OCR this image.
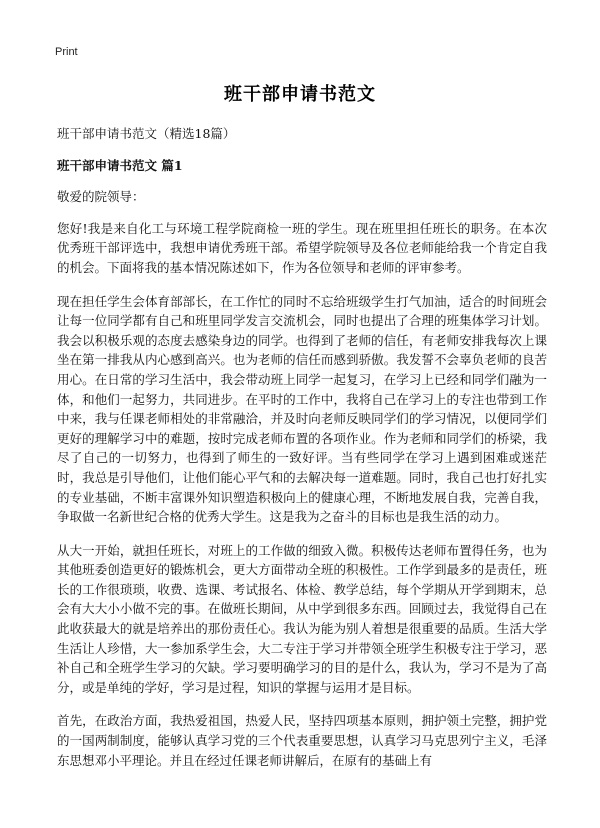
Print
班干部申请书范文

班干部申请书范文（精选18篇）

班干部申请书范文 篇1

敬爱的院领导：

您好!我是来自化工与环境工程学院商检一班的学生。现在班里担任班长的职务。在本次优秀班干部评选中，我想申请优秀班干部。希望学院领导及各位老师能给我一个肯定自我的机会。下面将我的基本情况陈述如下，作为各位领导和老师的评审参考。

现在担任学生会体育部部长，在工作忙的同时不忘给班级学生打气加油，适合的时间班会让每一位同学都有自己和班里同学发言交流机会，同时也提出了合理的班集体学习计划。我会以积极乐观的态度去感染身边的同学。也得到了老师的信任，有老师安排我每次上课坐在第一排我从内心感到高兴。也为老师的信任而感到骄傲。我发誓不会辜负老师的良苦用心。在日常的学习生活中，我会带动班上同学一起复习，在学习上已经和同学们融为一体，和他们一起努力，共同进步。在平时的工作中，我将自己在学习上的专注也带到工作中来，我与任课老师相处的非常融洽，并及时向老师反映同学们的学习情况，以便同学们更好的理解学习中的难题，按时完成老师布置的各项作业。作为老师和同学们的桥梁，我尽了自己的一切努力，也得到了师生的一致好评。当有些同学在学习上遇到困难或迷茫时，我总是引导他们，让他们能心平气和的去解决每一道难题。同时，我自己也打好扎实的专业基础，不断丰富课外知识塑造积极向上的健康心理，不断地发展自我，完善自我，争取做一名新世纪合格的优秀大学生。这是我为之奋斗的目标也是我生活的动力。

从大一开始，就担任班长，对班上的工作做的细致入微。积极传达老师布置得任务，也为其他班委创造更好的锻炼机会，更大方面带动全班的积极性。工作学到最多的是责任，班长的工作很琐琐，收费、选课、考试报名、体检、教学总结，每个学期从开学到期末，总会有大大小小做不完的事。在做班长期间，从中学到很多东西。回顾过去，我觉得自己在此收获最大的就是培养出的那份责任心。我认为能为别人着想是很重要的品质。生活大学生活让人珍惜，大一参加系学生会，大二专注于学习并带领全班学生积极专注于学习，恶补自己和全班学生学习的欠缺。学习要明确学习的目的是什么，我认为，学习不是为了高分，或是单纯的学好，学习是过程，知识的掌握与运用才是目标。

首先，在政治方面，我热爱祖国，热爱人民，坚持四项基本原则，拥护领土完整，拥护党的一国两制制度，能够认真学习党的三个代表重要思想，认真学习马克思列宁主义，毛泽东思想邓小平理论。并且在经过任课老师讲解后，在原有的基础上有
